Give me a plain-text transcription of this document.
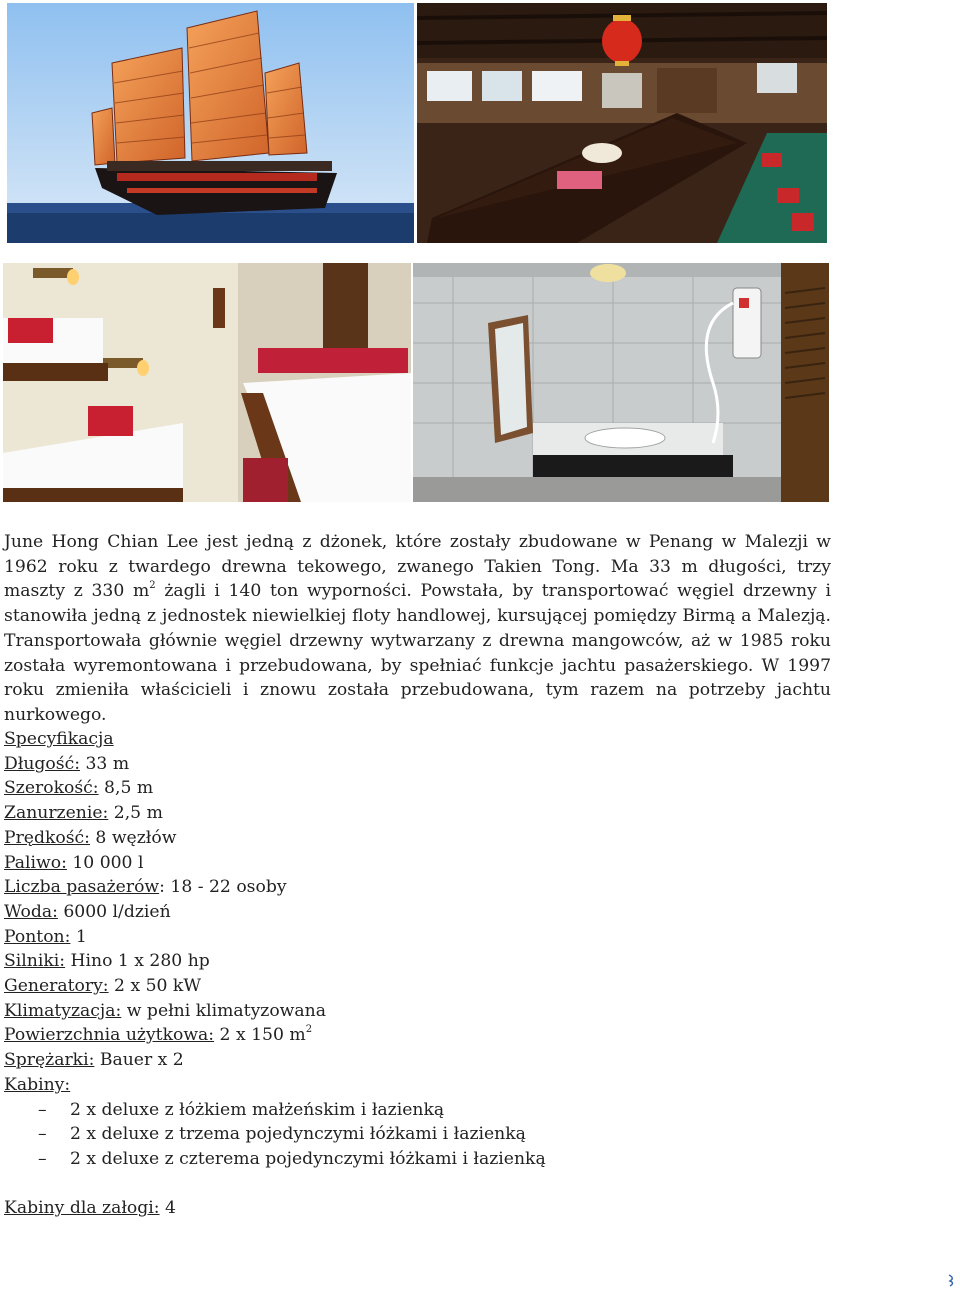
June Hong Chian Lee jest jedną z dżonek, które zostały zbudowane w Penang w Malezji w 1962 roku z twardego drewna tekowego, zwanego Takien Tong. Ma 33 m długości, trzy maszty z 330 $m^2$ żagli i 140 ton wyporności. Powstała, by transportować węgiel drzewny i stanowiła jedną z jednostek niewielkiej floty handlowej, kursującej pomiędzy Birmą a Malezją. Transportowała głównie węgiel drzewny wytwarzany z drewna mangowców, aż w 1985 roku została wyremontowana i przebudowana, by spełniać funkcje jachtu pasażerskiego. W 1997 roku zmieniła właścicieli i znowu została przebudowana, tym razem na potrzeby jachtu nurkowego.

Specyfikacja
Długość: 33 m
Szerokość: 8,5 m
Zanurzenie: 2,5 m
Prędkość: 8 węzłów
Paliwo: 10 000 l
Liczba pasażerów: 18 - 22 osoby
Woda: 6000 l/dzień
Ponton: 1
Silniki: Hino 1 x 280 hp
Generatory: 2 x 50 kW
Klimatyzacja: w pełni klimatyzowana
Powierzchnia użytkowa: 2 x 150 $m^2$
Sprężarki: Bauer x 2
Kabiny:
– 2 x deluxe z łóżkiem małżeńskim i łazienką
– 2 x deluxe z trzema pojedynczymi łóżkami i łazienką
– 2 x deluxe z czterema pojedynczymi łóżkami i łazienką
Kabiny dla załogi: 4
